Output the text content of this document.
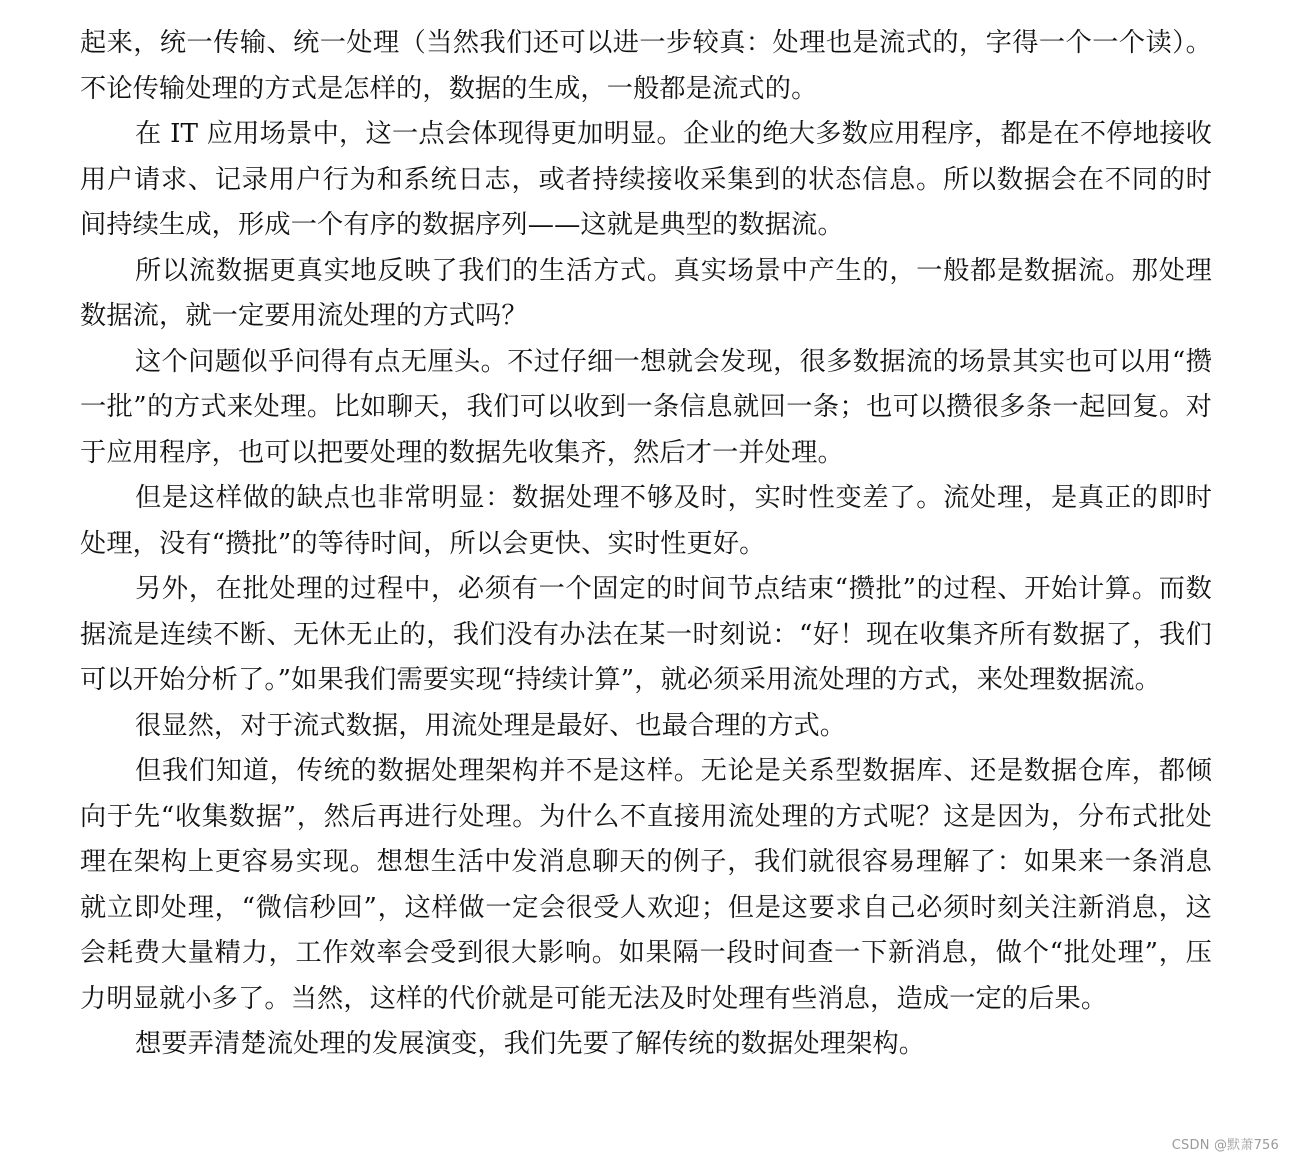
起来，统一传输、统一处理（当然我们还可以进一步较真：处理也是流式的，字得一个一个读）。不论传输处理的方式是怎样的，数据的生成，一般都是流式的。

在 IT 应用场景中，这一点会体现得更加明显。企业的绝大多数应用程序，都是在不停地接收用户请求、记录用户行为和系统日志，或者持续接收采集到的状态信息。所以数据会在不同的时间持续生成，形成一个有序的数据序列——这就是典型的数据流。

所以流数据更真实地反映了我们的生活方式。真实场景中产生的，一般都是数据流。那处理数据流，就一定要用流处理的方式吗？

这个问题似乎问得有点无厘头。不过仔细一想就会发现，很多数据流的场景其实也可以用“攒一批”的方式来处理。比如聊天，我们可以收到一条信息就回一条；也可以攒很多条一起回复。对于应用程序，也可以把要处理的数据先收集齐，然后才一并处理。

但是这样做的缺点也非常明显：数据处理不够及时，实时性变差了。流处理，是真正的即时处理，没有“攒批”的等待时间，所以会更快、实时性更好。

另外，在批处理的过程中，必须有一个固定的时间节点结束“攒批”的过程、开始计算。而数据流是连续不断、无休无止的，我们没有办法在某一时刻说：“好！现在收集齐所有数据了，我们可以开始分析了。”如果我们需要实现“持续计算”，就必须采用流处理的方式，来处理数据流。

很显然，对于流式数据，用流处理是最好、也最合理的方式。

但我们知道，传统的数据处理架构并不是这样。无论是关系型数据库、还是数据仓库，都倾向于先“收集数据”，然后再进行处理。为什么不直接用流处理的方式呢？这是因为，分布式批处理在架构上更容易实现。想想生活中发消息聊天的例子，我们就很容易理解了：如果来一条消息就立即处理，“微信秒回”，这样做一定会很受人欢迎；但是这要求自己必须时刻关注新消息，这会耗费大量精力，工作效率会受到很大影响。如果隔一段时间查一下新消息，做个“批处理”，压力明显就小多了。当然，这样的代价就是可能无法及时处理有些消息，造成一定的后果。

想要弄清楚流处理的发展演变，我们先要了解传统的数据处理架构。

CSDN @默萧756
